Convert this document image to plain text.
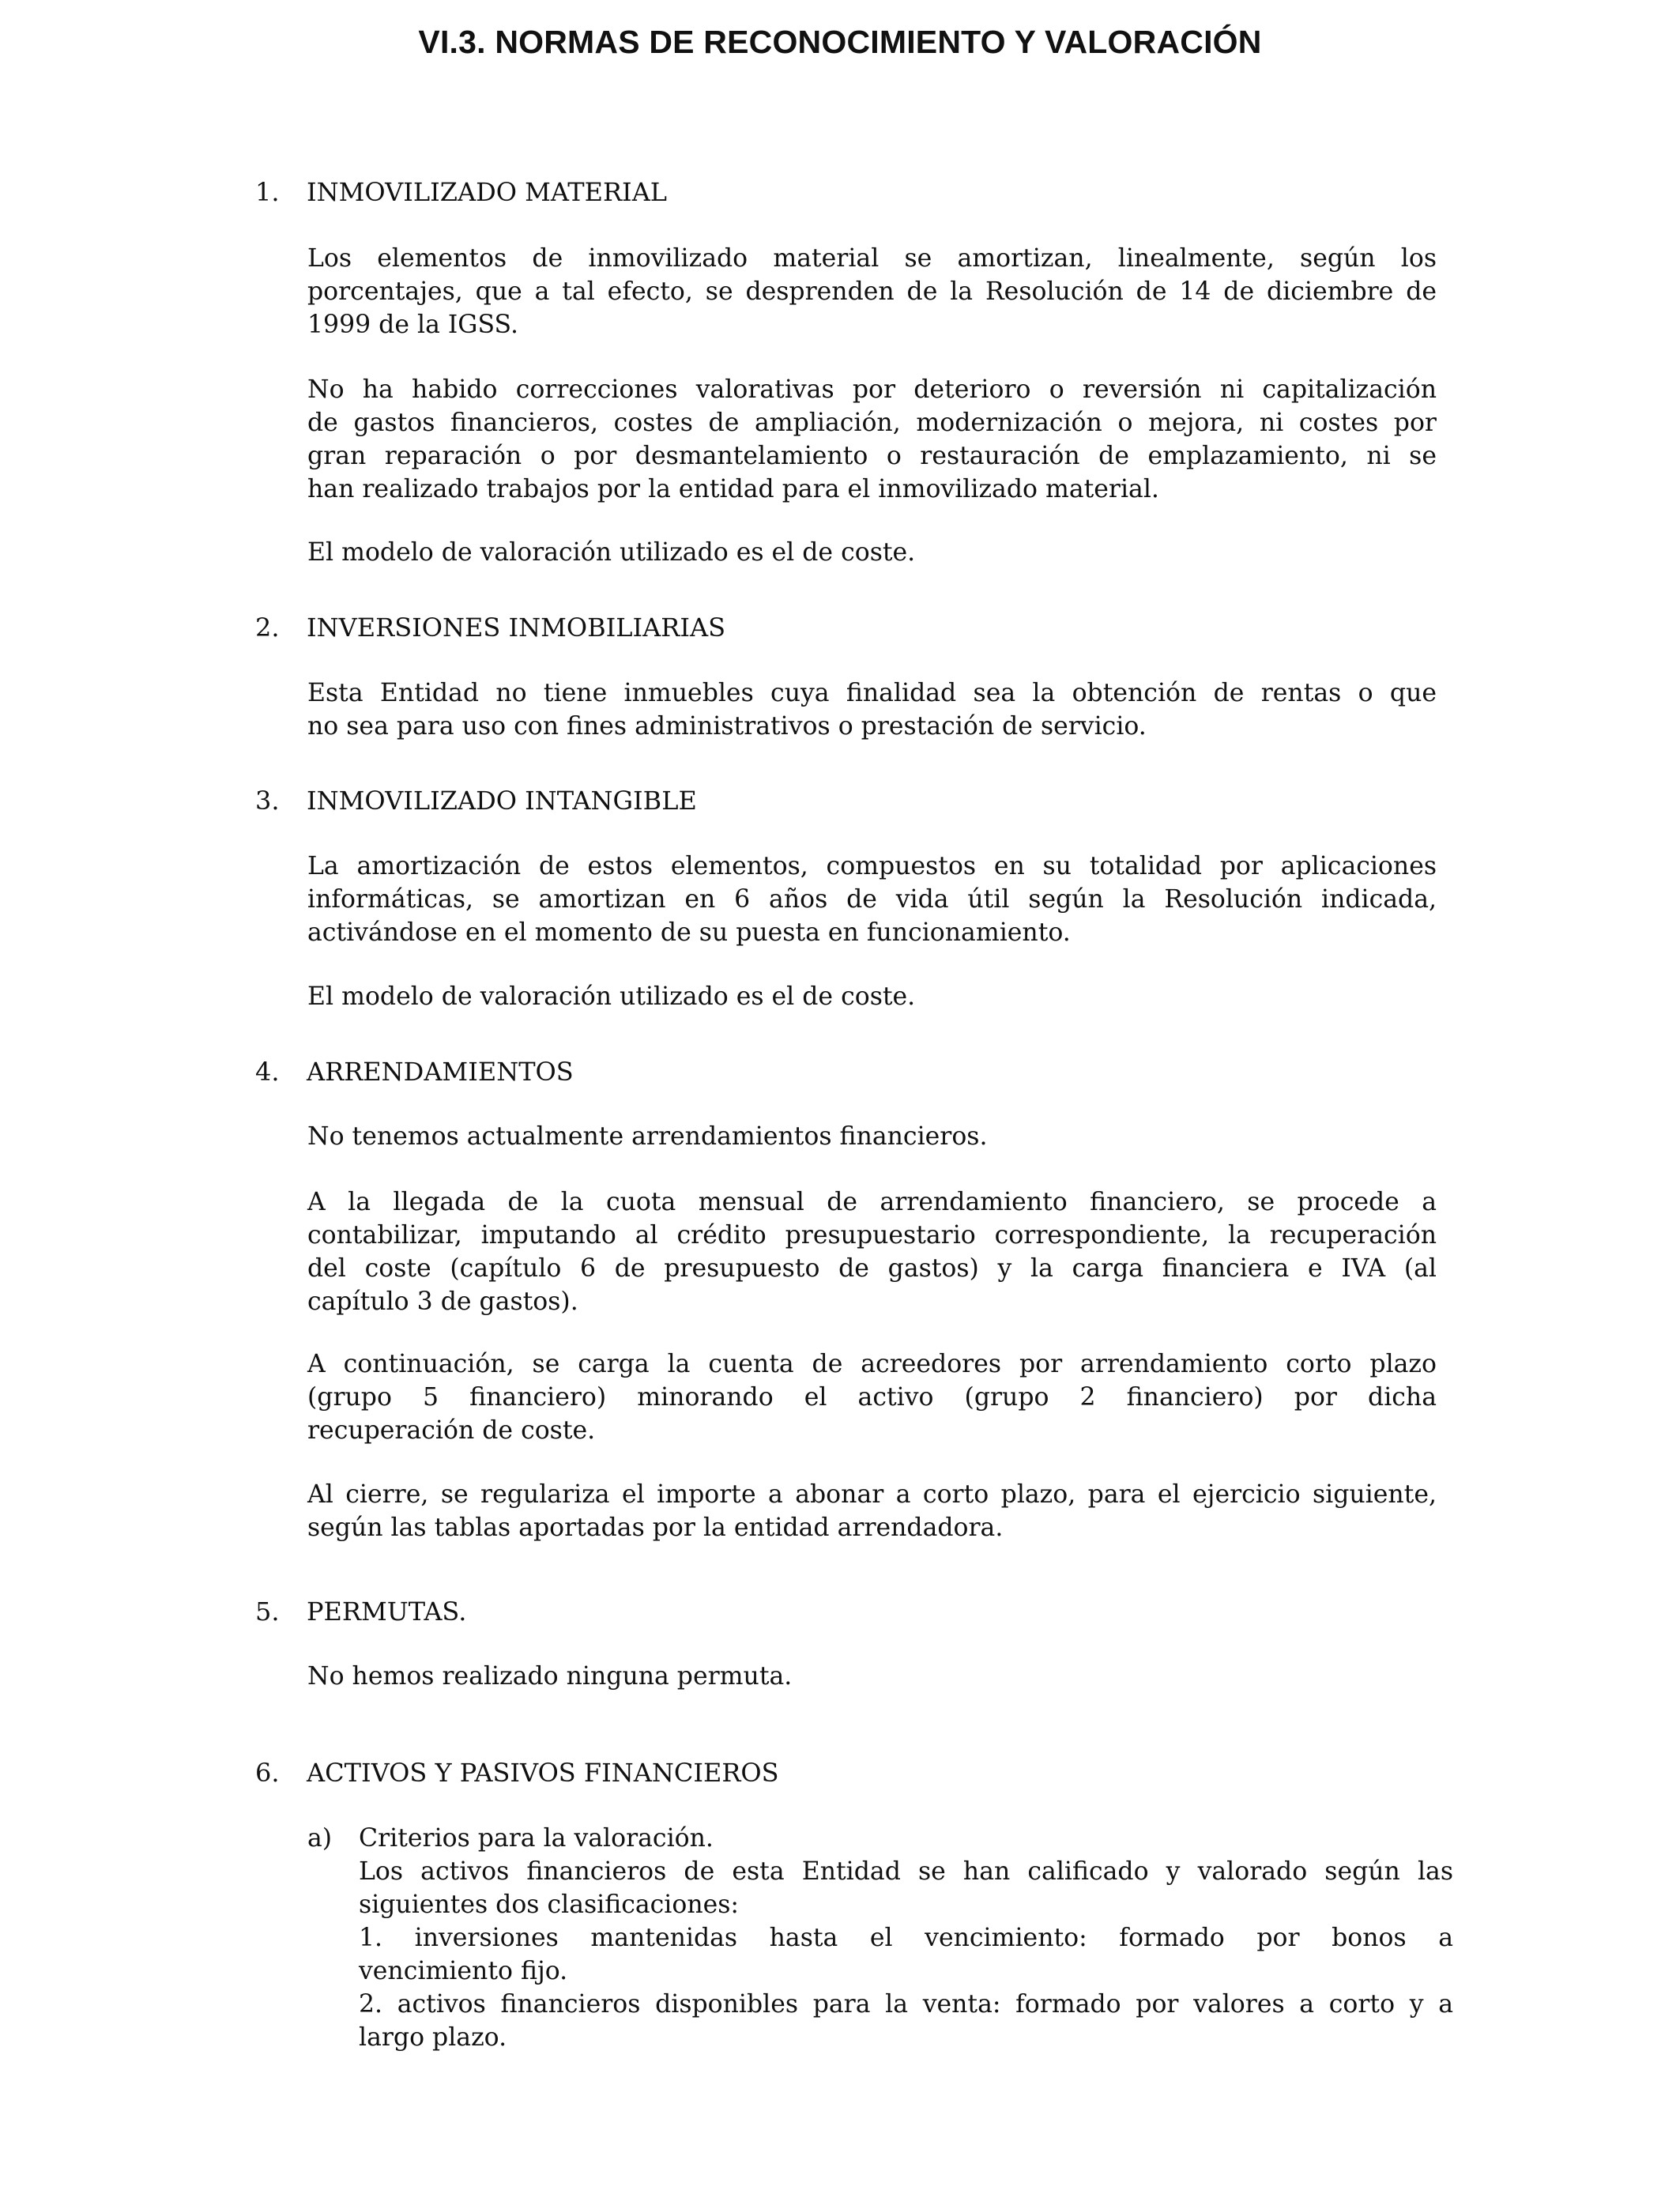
VI.3. NORMAS DE RECONOCIMIENTO Y VALORACIÓN
1. INMOVILIZADO MATERIAL
Los elementos de inmovilizado material se amortizan, linealmente, según los
porcentajes, que a tal efecto, se desprenden de la Resolución de 14 de diciembre de
1999 de la IGSS.
No ha habido correcciones valorativas por deterioro o reversión ni capitalización
de gastos financieros, costes de ampliación, modernización o mejora, ni costes por
gran reparación o por desmantelamiento o restauración de emplazamiento, ni se
han realizado trabajos por la entidad para el inmovilizado material.
El modelo de valoración utilizado es el de coste.
2. INVERSIONES INMOBILIARIAS
Esta Entidad no tiene inmuebles cuya finalidad sea la obtención de rentas o que
no sea para uso con fines administrativos o prestación de servicio.
3. INMOVILIZADO INTANGIBLE
La amortización de estos elementos, compuestos en su totalidad por aplicaciones
informáticas, se amortizan en 6 años de vida útil según la Resolución indicada,
activándose en el momento de su puesta en funcionamiento.
El modelo de valoración utilizado es el de coste.
4. ARRENDAMIENTOS
No tenemos actualmente arrendamientos financieros.
A la llegada de la cuota mensual de arrendamiento financiero, se procede a
contabilizar, imputando al crédito presupuestario correspondiente, la recuperación
del coste (capítulo 6 de presupuesto de gastos) y la carga financiera e IVA (al
capítulo 3 de gastos).
A continuación, se carga la cuenta de acreedores por arrendamiento corto plazo
(grupo 5 financiero) minorando el activo (grupo 2 financiero) por dicha
recuperación de coste.
Al cierre, se regulariza el importe a abonar a corto plazo, para el ejercicio siguiente,
según las tablas aportadas por la entidad arrendadora.
5. PERMUTAS.
No hemos realizado ninguna permuta.
6. ACTIVOS Y PASIVOS FINANCIEROS
a) Criterios para la valoración.
Los activos financieros de esta Entidad se han calificado y valorado según las
siguientes dos clasificaciones:
1. inversiones mantenidas hasta el vencimiento: formado por bonos a
vencimiento fijo.
2. activos financieros disponibles para la venta: formado por valores a corto y a
largo plazo.
